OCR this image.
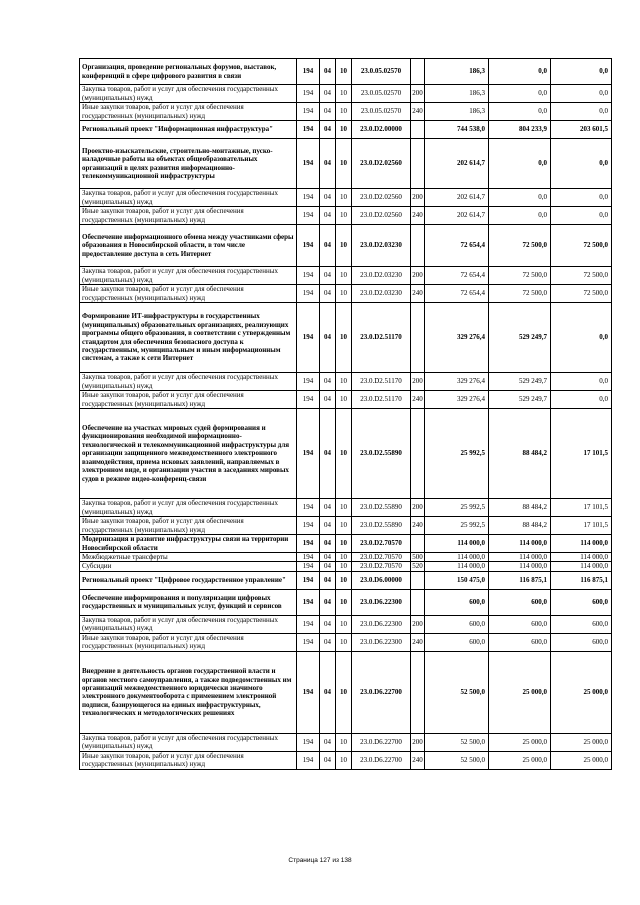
Организация, проведение региональных форумов, выставок, конференций в сфере цифрового развития в связи	194	04	10	23.0.05.02570		186,3	0,0	0,0
Закупка товаров, работ и услуг для обеспечения государственных (муниципальных) нужд	194	04	10	23.0.05.02570	200	186,3	0,0	0,0
Иные закупки товаров, работ и услуг для обеспечения государственных (муниципальных) нужд	194	04	10	23.0.05.02570	240	186,3	0,0	0,0
Региональный проект "Информационная инфраструктура"	194	04	10	23.0.D2.00000		744 538,0	804 233,9	203 601,5
Проектно-изыскательские, строительно-монтажные, пуско-наладочные работы на объектах общеобразовательных организаций в целях развития информационно-телекоммуникационной инфраструктуры	194	04	10	23.0.D2.02560		202 614,7	0,0	0,0
Закупка товаров, работ и услуг для обеспечения государственных (муниципальных) нужд	194	04	10	23.0.D2.02560	200	202 614,7	0,0	0,0
Иные закупки товаров, работ и услуг для обеспечения государственных (муниципальных) нужд	194	04	10	23.0.D2.02560	240	202 614,7	0,0	0,0
Обеспечение информационного обмена между участниками сферы образования в Новосибирской области, в том числе предоставление доступа в сеть Интернет	194	04	10	23.0.D2.03230		72 654,4	72 500,0	72 500,0
Закупка товаров, работ и услуг для обеспечения государственных (муниципальных) нужд	194	04	10	23.0.D2.03230	200	72 654,4	72 500,0	72 500,0
Иные закупки товаров, работ и услуг для обеспечения государственных (муниципальных) нужд	194	04	10	23.0.D2.03230	240	72 654,4	72 500,0	72 500,0
Формирование ИТ-инфраструктуры в государственных (муниципальных) образовательных организациях, реализующих программы общего образования, в соответствии с утвержденным стандартом для обеспечения безопасного доступа к государственным, муниципальным и иным информационным системам, а также к сети Интернет	194	04	10	23.0.D2.51170		329 276,4	529 249,7	0,0
Закупка товаров, работ и услуг для обеспечения государственных (муниципальных) нужд	194	04	10	23.0.D2.51170	200	329 276,4	529 249,7	0,0
Иные закупки товаров, работ и услуг для обеспечения государственных (муниципальных) нужд	194	04	10	23.0.D2.51170	240	329 276,4	529 249,7	0,0
Обеспечение на участках мировых судей формирования и функционирования необходимой информационно-технологической и телекоммуникационной инфраструктуры для организации защищенного межведомственного электронного взаимодействия, приема исковых заявлений, направляемых в электронном виде, и организации участия в заседаниях мировых судов в режиме видео-конференц-связи	194	04	10	23.0.D2.55890		25 992,5	88 484,2	17 101,5
Закупка товаров, работ и услуг для обеспечения государственных (муниципальных) нужд	194	04	10	23.0.D2.55890	200	25 992,5	88 484,2	17 101,5
Иные закупки товаров, работ и услуг для обеспечения государственных (муниципальных) нужд	194	04	10	23.0.D2.55890	240	25 992,5	88 484,2	17 101,5
Модернизация и развитие инфраструктуры связи на территории Новосибирской области	194	04	10	23.0.D2.70570		114 000,0	114 000,0	114 000,0
Межбюджетные трансферты	194	04	10	23.0.D2.70570	500	114 000,0	114 000,0	114 000,0
Субсидии	194	04	10	23.0.D2.70570	520	114 000,0	114 000,0	114 000,0
Региональный проект "Цифровое государственное управление"	194	04	10	23.0.D6.00000		150 475,0	116 875,1	116 875,1
Обеспечение информирования и популяризации цифровых государственных и муниципальных услуг, функций и сервисов	194	04	10	23.0.D6.22300		600,0	600,0	600,0
Закупка товаров, работ и услуг для обеспечения государственных (муниципальных) нужд	194	04	10	23.0.D6.22300	200	600,0	600,0	600,0
Иные закупки товаров, работ и услуг для обеспечения государственных (муниципальных) нужд	194	04	10	23.0.D6.22300	240	600,0	600,0	600,0
Внедрение в деятельность органов государственной власти и органов местного самоуправления, а также подведомственных им организаций межведомственного юридически значимого электронного документооборота с применением электронной подписи, базирующегося на единых инфраструктурных, технологических и методологических решениях	194	04	10	23.0.D6.22700		52 500,0	25 000,0	25 000,0
Закупка товаров, работ и услуг для обеспечения государственных (муниципальных) нужд	194	04	10	23.0.D6.22700	200	52 500,0	25 000,0	25 000,0
Иные закупки товаров, работ и услуг для обеспечения государственных (муниципальных) нужд	194	04	10	23.0.D6.22700	240	52 500,0	25 000,0	25 000,0
Страница 127 из 138
